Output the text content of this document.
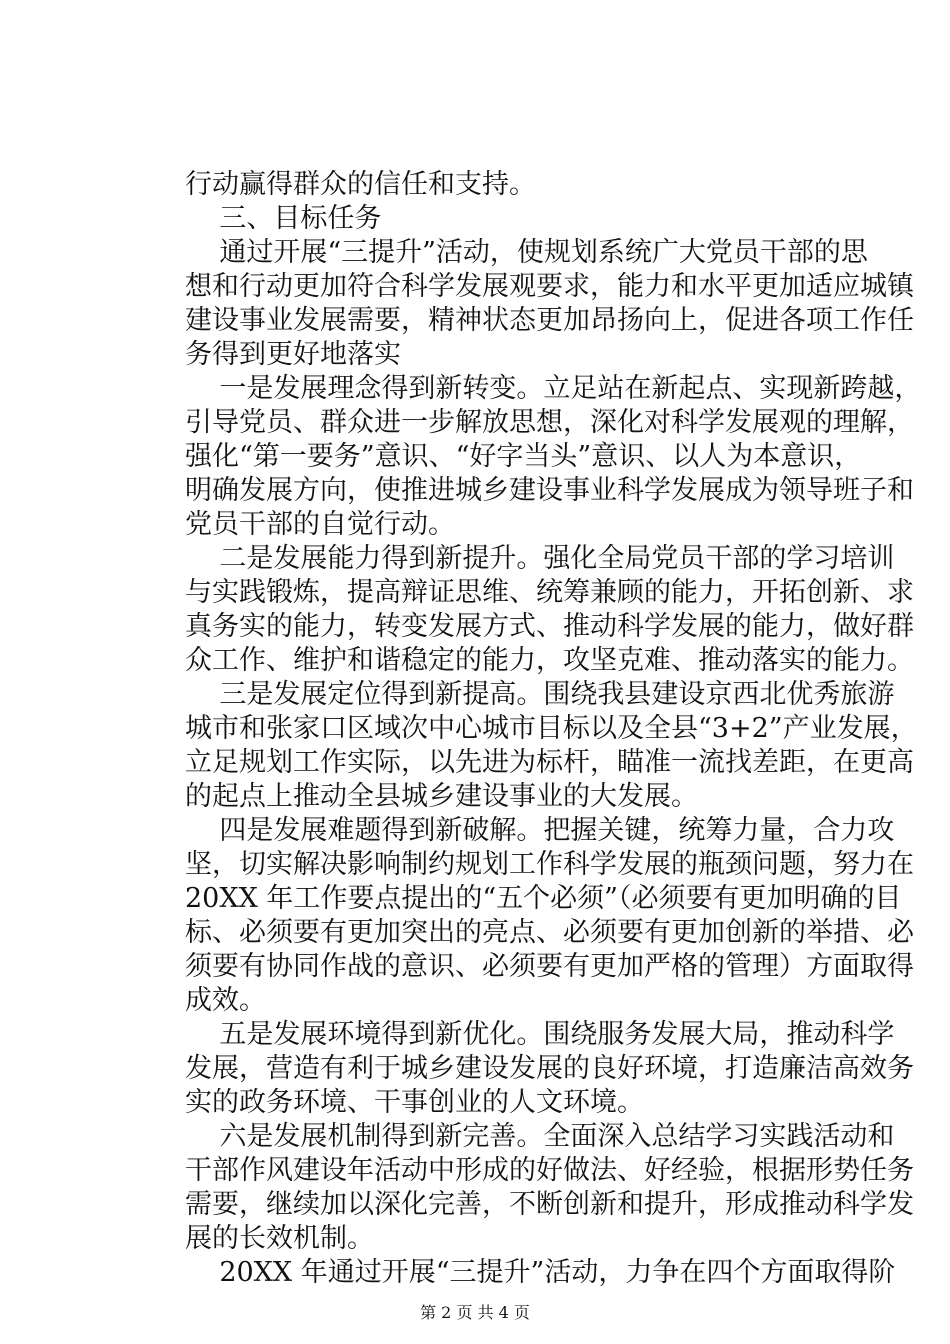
行动赢得群众的信任和支持。
三、目标任务
通过开展“三提升”活动，使规划系统广大党员干部的思
想和行动更加符合科学发展观要求，能力和水平更加适应城镇
建设事业发展需要，精神状态更加昂扬向上，促进各项工作任
务得到更好地落实
一是发展理念得到新转变。立足站在新起点、实现新跨越，
引导党员、群众进一步解放思想，深化对科学发展观的理解，
强化“第一要务”意识、“好字当头”意识、以人为本意识，
明确发展方向，使推进城乡建设事业科学发展成为领导班子和
党员干部的自觉行动。
二是发展能力得到新提升。强化全局党员干部的学习培训
与实践锻炼，提高辩证思维、统筹兼顾的能力，开拓创新、求
真务实的能力，转变发展方式、推动科学发展的能力，做好群
众工作、维护和谐稳定的能力，攻坚克难、推动落实的能力。
三是发展定位得到新提高。围绕我县建设京西北优秀旅游
城市和张家口区域次中心城市目标以及全县“3+2”产业发展，
立足规划工作实际，以先进为标杆，瞄准一流找差距，在更高
的起点上推动全县城乡建设事业的大发展。
四是发展难题得到新破解。把握关键，统筹力量，合力攻
坚，切实解决影响制约规划工作科学发展的瓶颈问题，努力在
20XX 年工作要点提出的“五个必须”（必须要有更加明确的目
标、必须要有更加突出的亮点、必须要有更加创新的举措、必
须要有协同作战的意识、必须要有更加严格的管理）方面取得
成效。
五是发展环境得到新优化。围绕服务发展大局，推动科学
发展，营造有利于城乡建设发展的良好环境，打造廉洁高效务
实的政务环境、干事创业的人文环境。
六是发展机制得到新完善。全面深入总结学习实践活动和
干部作风建设年活动中形成的好做法、好经验，根据形势任务
需要，继续加以深化完善，不断创新和提升，形成推动科学发
展的长效机制。
20XX 年通过开展“三提升”活动，力争在四个方面取得阶
第 2 页 共 4 页
